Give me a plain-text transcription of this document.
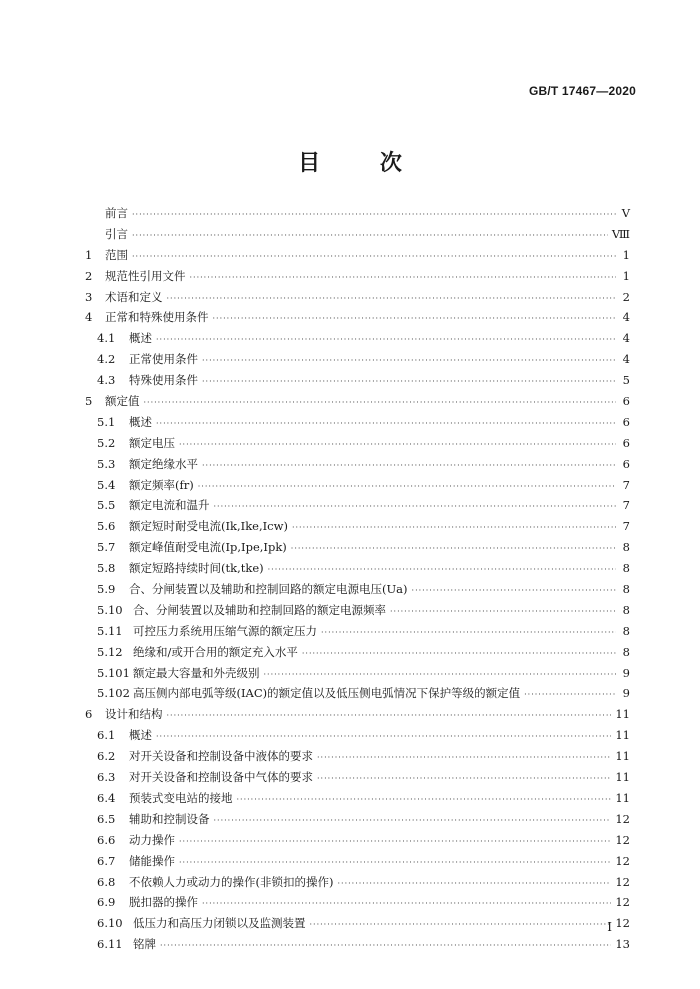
GB/T 17467—2020
目 次
前言 ·····	V
引言 ·····	Ⅷ
1	范围 ·····	1
2	规范性引用文件 ·····	1
3	术语和定义 ·····	2
4	正常和特殊使用条件 ·····	4
4.1	概述 ·····	4
4.2	正常使用条件 ·····	4
4.3	特殊使用条件 ·····	5
5	额定值 ·····	6
5.1	概述 ·····	6
5.2	额定电压 ·····	6
5.3	额定绝缘水平 ·····	6
5.4	额定频率(fr) ·····	7
5.5	额定电流和温升 ·····	7
5.6	额定短时耐受电流(Ik,Ike,Icw) ·····	7
5.7	额定峰值耐受电流(Ip,Ipe,Ipk) ·····	8
5.8	额定短路持续时间(tk,tke) ·····	8
5.9	合、分闸装置以及辅助和控制回路的额定电源电压(Ua) ·····	8
5.10 合、分闸装置以及辅助和控制回路的额定电源频率 ·····	8
5.11 可控压力系统用压缩气源的额定压力 ·····	8
5.12 绝缘和/或开合用的额定充入水平 ·····	8
5.101 额定最大容量和外壳级别 ·····	9
5.102 高压侧内部电弧等级(IAC)的额定值以及低压侧电弧情况下保护等级的额定值 ·····	9
6	设计和结构 ·····	11
6.1	概述 ·····	11
6.2	对开关设备和控制设备中液体的要求 ·····	11
6.3	对开关设备和控制设备中气体的要求 ·····	11
6.4	预装式变电站的接地 ·····	11
6.5	辅助和控制设备 ·····	12
6.6	动力操作 ·····	12
6.7	储能操作 ·····	12
6.8	不依赖人力或动力的操作(非锁扣的操作) ·····	12
6.9	脱扣器的操作 ·····	12
6.10 低压力和高压力闭锁以及监测装置 ·····	12
6.11 铭牌 ·····	13
I
